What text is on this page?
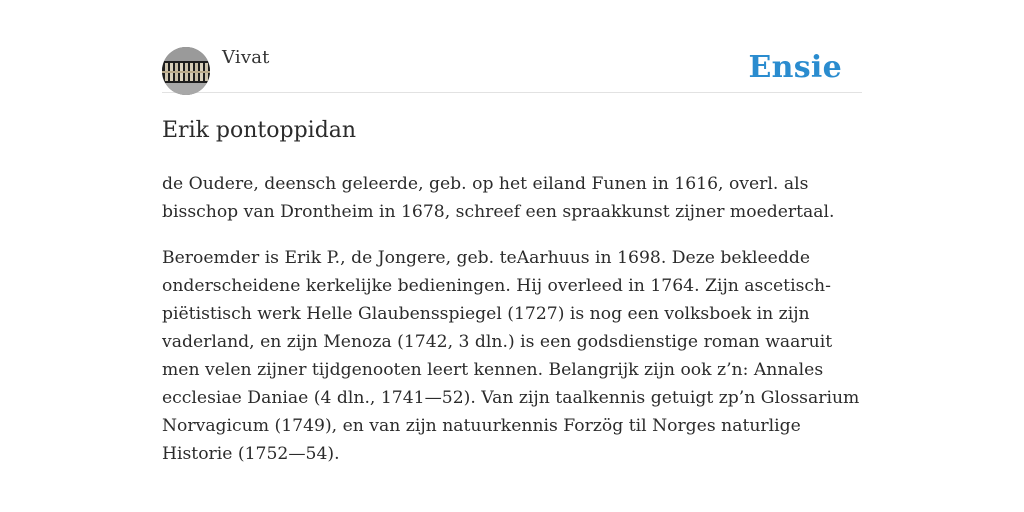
Vivat	Ensie
Erik pontoppidan

de Oudere, deensch geleerde, geb. op het eiland Funen in 1616, overl. als bisschop van Drontheim in 1678, schreef een spraakkunst zijner moedertaal.

Beroemder is Erik P., de Jongere, geb. teAarhuus in 1698. Deze bekleedde onderscheidene kerkelijke bedieningen. Hij overleed in 1764. Zijn ascetisch-piëtistisch werk Helle Glaubensspiegel (1727) is nog een volksboek in zijn vaderland, en zijn Menoza (1742, 3 dln.) is een godsdienstige roman waaruit men velen zijner tijdgenooten leert kennen. Belangrijk zijn ook z’n: Annales ecclesiae Daniae (4 dln., 1741—52). Van zijn taalkennis getuigt zp’n Glossarium Norvagicum (1749), en van zijn natuurkennis Forzög til Norges naturlige Historie (1752—54).
